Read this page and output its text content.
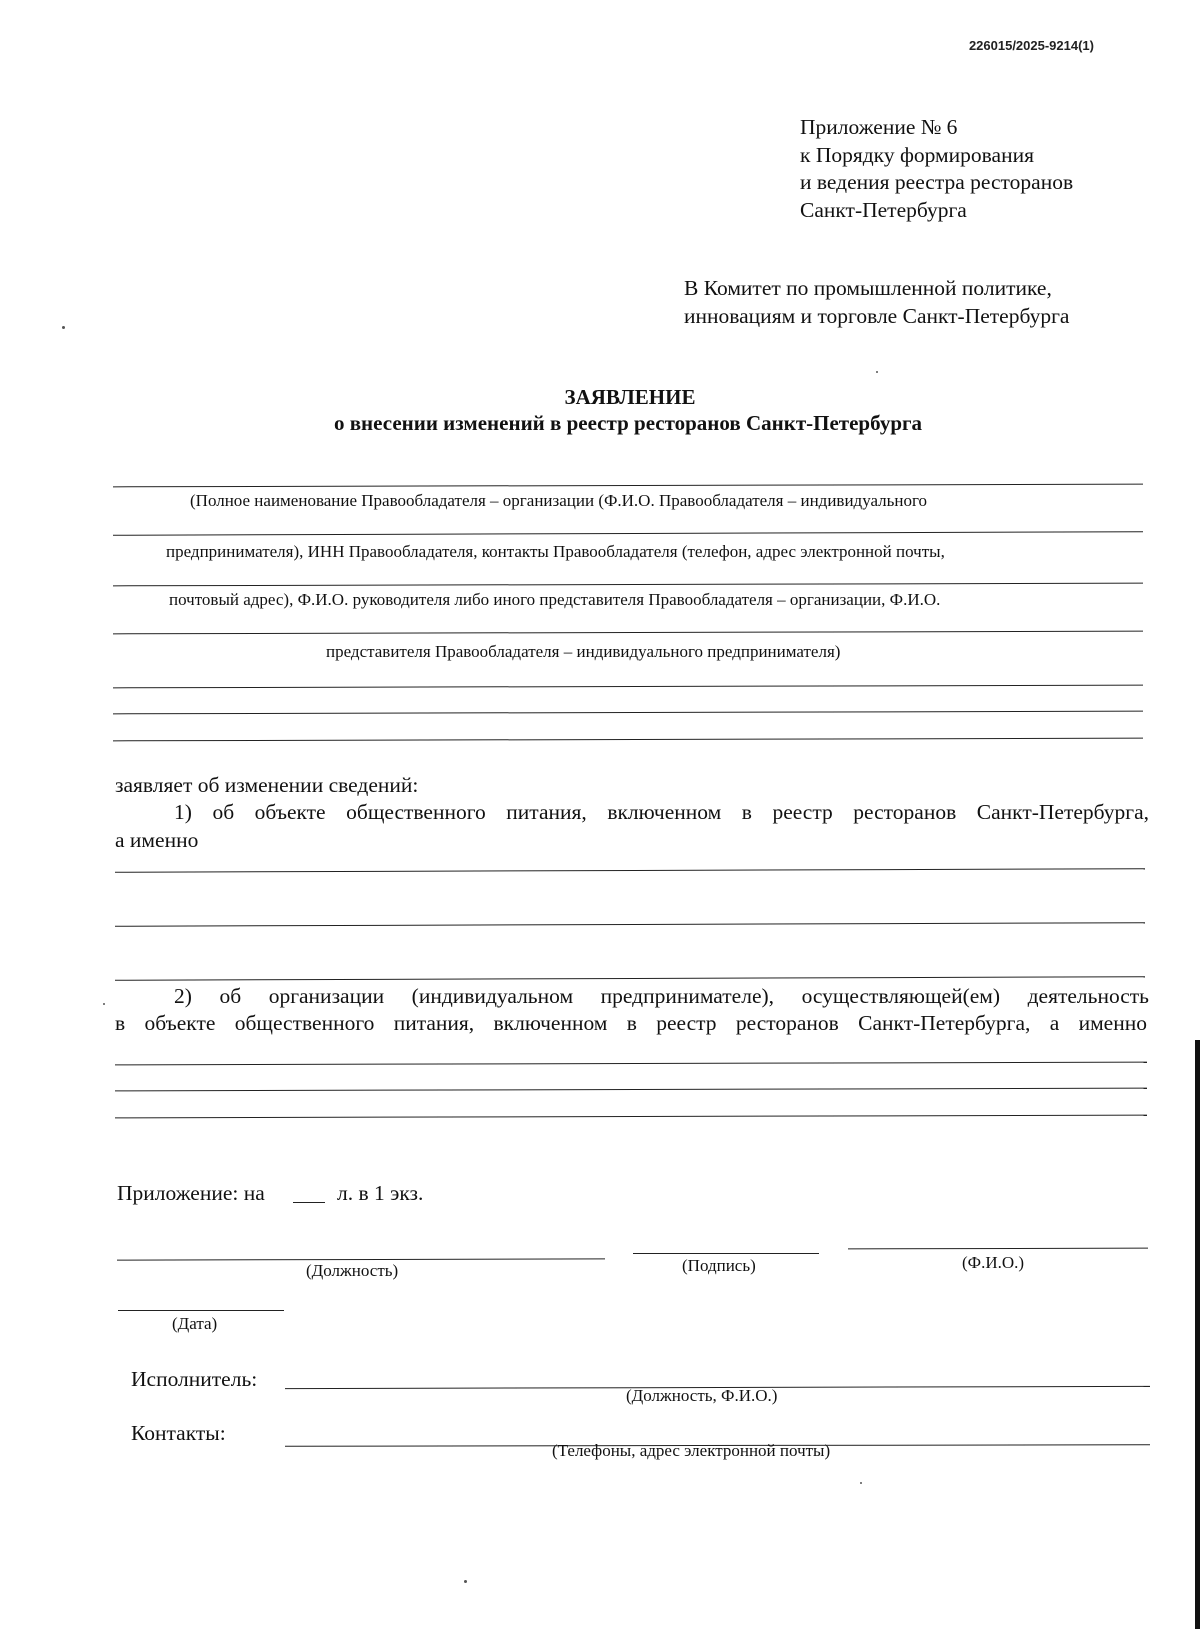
226015/2025-9214(1)
Приложение № 6
к Порядку формирования
и ведения реестра ресторанов
Санкт-Петербурга
В Комитет по промышленной политике,
инновациям и торговле Санкт-Петербурга
ЗАЯВЛЕНИЕ
о внесении изменений в реестр ресторанов Санкт-Петербурга
(Полное наименование Правообладателя – организации (Ф.И.О. Правообладателя – индивидуального
предпринимателя), ИНН Правообладателя, контакты Правообладателя (телефон, адрес электронной почты,
почтовый адрес), Ф.И.О. руководителя либо иного представителя Правообладателя – организации, Ф.И.О.
представителя Правообладателя – индивидуального предпринимателя)
заявляет об изменении сведений:
1) об объекте общественного питания, включенном в реестр ресторанов Санкт-Петербурга,
а именно
2) об организации (индивидуальном предпринимателе), осуществляющей(ем) деятельность
в объекте общественного питания, включенном в реестр ресторанов Санкт-Петербурга, а именно
Приложение: на	л. в 1 экз.
(Должность)	(Подпись)	(Ф.И.О.)
(Дата)
Исполнитель:
(Должность, Ф.И.О.)
Контакты:
(Телефоны, адрес электронной почты)
